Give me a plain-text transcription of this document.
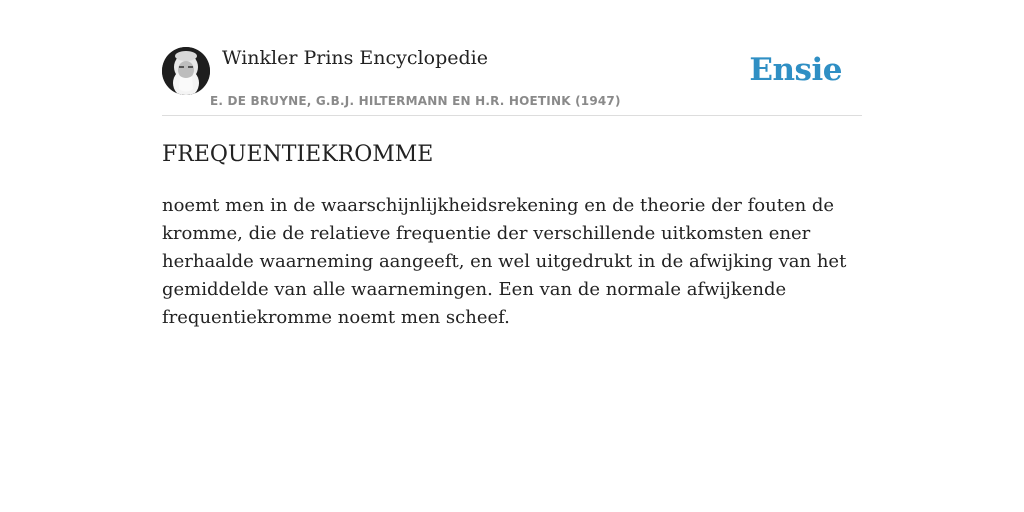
Winkler Prins Encyclopedie
E. DE BRUYNE, G.B.J. HILTERMANN EN H.R. HOETINK (1947)
Ensie
FREQUENTIEKROMME

noemt men in de waarschijnlijkheidsrekening en de theorie der fouten de kromme, die de relatieve frequentie der verschillende uitkomsten ener herhaalde waarneming aangeeft, en wel uitgedrukt in de afwijking van het gemiddelde van alle waarnemingen. Een van de normale afwijkende frequentiekromme noemt men scheef.
